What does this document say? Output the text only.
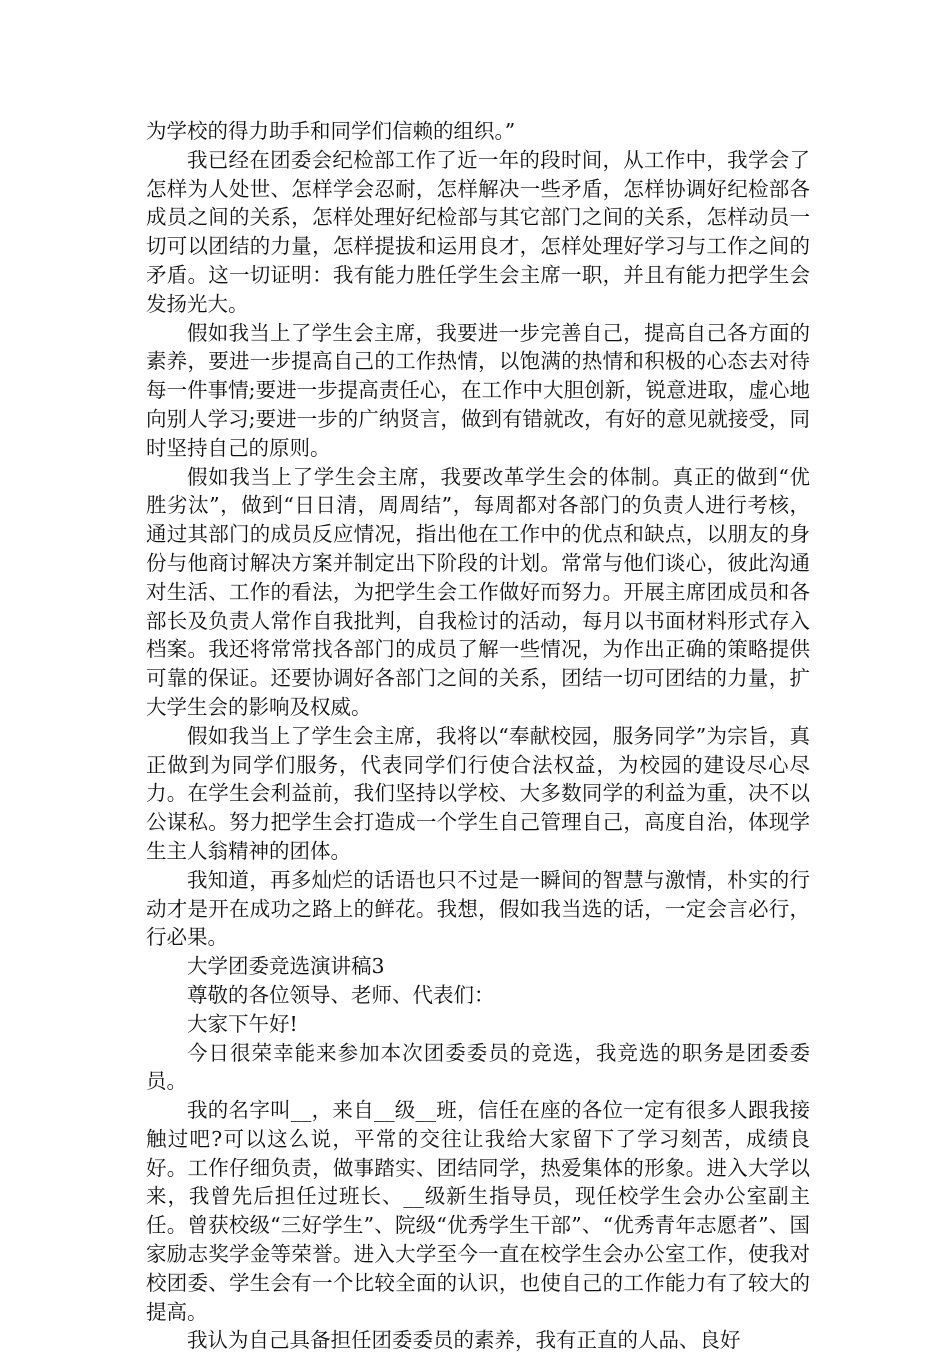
为学校的得力助手和同学们信赖的组织。”

我已经在团委会纪检部工作了近一年的段时间，从工作中，我学会了怎样为人处世、怎样学会忍耐，怎样解决一些矛盾，怎样协调好纪检部各成员之间的关系，怎样处理好纪检部与其它部门之间的关系，怎样动员一切可以团结的力量，怎样提拔和运用良才，怎样处理好学习与工作之间的 矛盾。这一切证明：我有能力胜任学生会主席一职，并且有能力把学生会发扬光大。

假如我当上了学生会主席，我要进一步完善自己，提高自己各方面的素养，要进一步提高自己的工作热情，以饱满的热情和积极的心态去对待每一件事情;要进一步提高责任心，在工作中大胆创新，锐意进取，虚心地向别人学习;要进一步的广纳贤言，做到有错就改，有好的意见就接受，同时坚持自己的原则。

假如我当上了学生会主席，我要改革学生会的体制。真正的做到“优胜劣汰”，做到“日日清，周周结”，每周都对各部门的负责人进行考核，通过其部门的成员反应情况，指出他在工作中的优点和缺点，以朋友的身份与他商讨解决方案并制定出下阶段的计划。常常与他们谈心，彼此沟通对生活、工作的看法，为把学生会工作做好而努力。开展主席团成员和各部长及负责人常作自我批判，自我检讨的活动，每月以书面材料形式存入档案。我还将常常找各部门的成员了解一些情况，为作出正确的策略提供可靠的保证。还要协调好各部门之间的关系，团结一切可团结的力量，扩大学生会的影响及权威。

假如我当上了学生会主席，我将以“奉献校园，服务同学”为宗旨，真正做到为同学们服务，代表同学们行使合法权益，为校园的建设尽心尽力。在学生会利益前，我们坚持以学校、大多数同学的利益为重，决不以公谋私。努力把学生会打造成一个学生自己管理自己，高度自治，体现学生主人翁精神的团体。

我知道，再多灿烂的话语也只不过是一瞬间的智慧与激情，朴实的行动才是开在成功之路上的鲜花。我想，假如我当选的话，一定会言必行，行必果。

大学团委竞选演讲稿3

尊敬的各位领导、老师、代表们：

大家下午好!

今日很荣幸能来参加本次团委委员的竞选，我竞选的职务是团委委员。

我的名字叫__，来自__级__班，信任在座的各位一定有很多人跟我接触过吧?可以这么说，平常的交往让我给大家留下了学习刻苦，成绩良好。工作仔细负责，做事踏实、团结同学，热爱集体的形象。进入大学以来，我曾先后担任过班长、__级新生指导员，现任校学生会办公室副主任。曾获校级“三好学生”、院级“优秀学生干部”、“优秀青年志愿者”、国家励志奖学金等荣誉。进入大学至今一直在校学生会办公室工作，使我对校团委、学生会有一个比较全面的认识，也使自己的工作能力有了较大的提高。

我认为自己具备担任团委委员的素养，我有正直的人品、良好
